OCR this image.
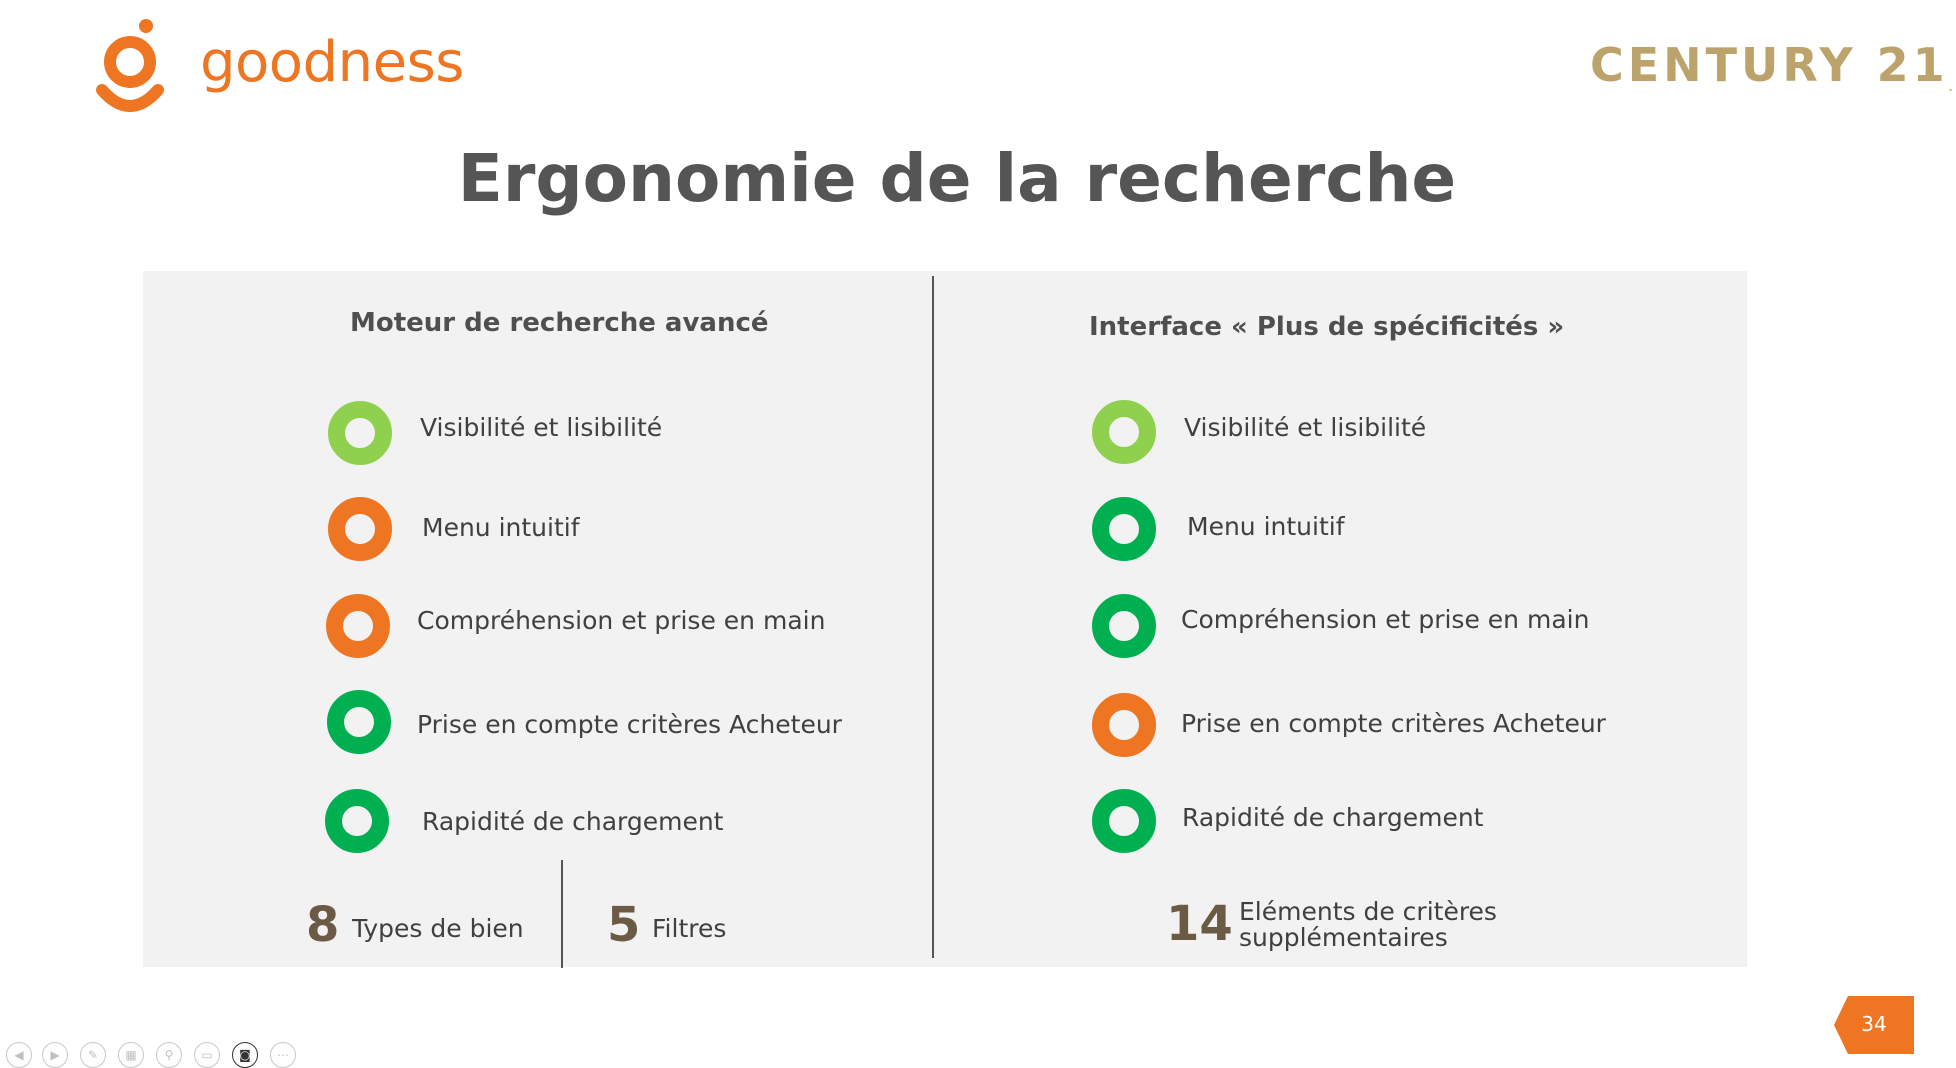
goodness	CENTURY $21_.$
Ergonomie de la recherche
Moteur de recherche avancé
Visibilité et lisibilité
Menu intuitif
Compréhension et prise en main
Prise en compte critères Acheteur
Rapidité de chargement
8 Types de bien 5 Filtres
Interface « Plus de spécificités »
Visibilité et lisibilité
Menu intuitif
Compréhension et prise en main
Prise en compte critères Acheteur
Rapidité de chargement
14 Eléments de critères
supplémentaires
34
◀	▶	✎	▦	⚲	▭	◙	⋯
